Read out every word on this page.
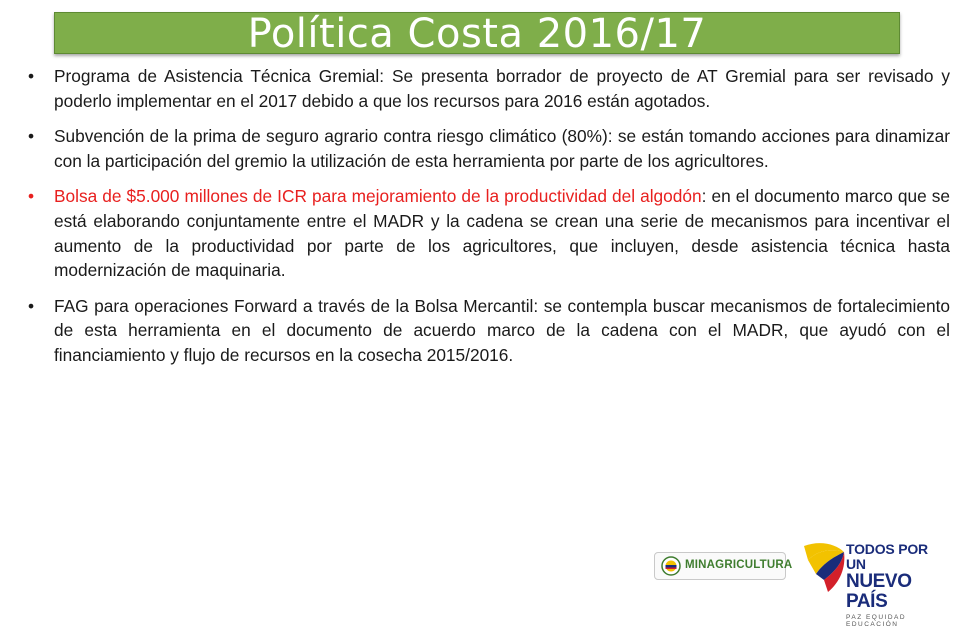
Política Costa 2016/17
• Programa de Asistencia Técnica Gremial: Se presenta borrador de proyecto de AT Gremial para ser revisado y poderlo implementar en el 2017 debido a que los recursos para 2016 están agotados.
• Subvención de la prima de seguro agrario contra riesgo climático (80%): se están tomando acciones para dinamizar con la participación del gremio la utilización de esta herramienta por parte de los agricultores.
• Bolsa de $5.000 millones de ICR para mejoramiento de la productividad del algodón: en el documento marco que se está elaborando conjuntamente entre el MADR y la cadena se crean una serie de mecanismos para incentivar el aumento de la productividad por parte de los agricultores, que incluyen, desde asistencia técnica hasta modernización de maquinaria.
• FAG para operaciones Forward a través de la Bolsa Mercantil: se contempla buscar mecanismos de fortalecimiento de esta herramienta en el documento de acuerdo marco de la cadena con el MADR, que ayudó con el financiamiento y flujo de recursos en la cosecha 2015/2016.
MINAGRICULTURA
TODOS POR UN
NUEVO PAÍS
PAZ EQUIDAD EDUCACIÓN
